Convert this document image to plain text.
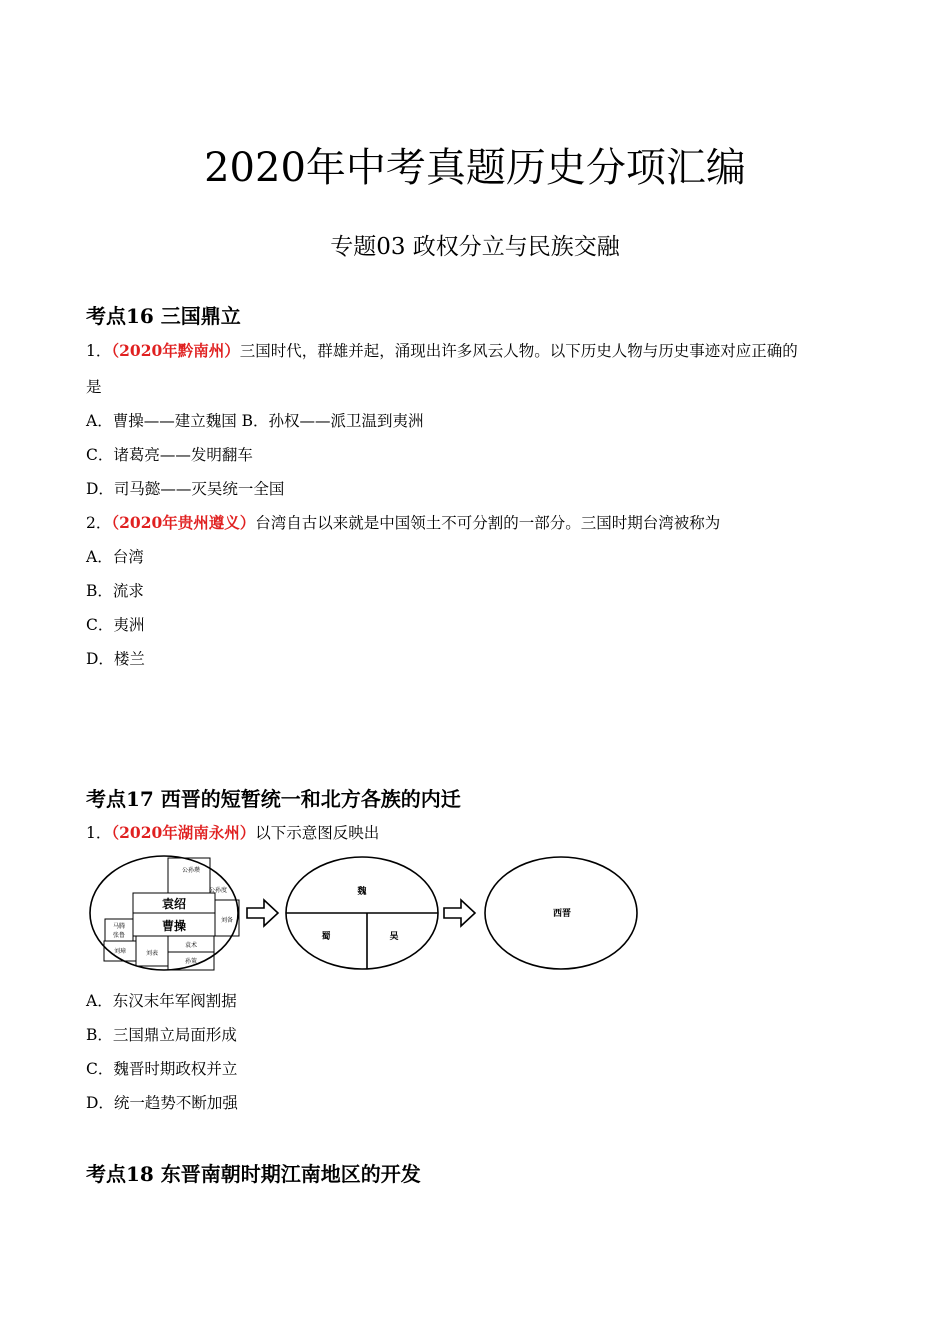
2020年中考真题历史分项汇编
专题03 政权分立与民族交融
考点16 三国鼎立
1．（2020年黔南州）三国时代，群雄并起，涌现出许多风云人物。以下历史人物与历史事迹对应正确的
是
A．曹操——建立魏国 B．孙权——派卫温到夷洲
C．诸葛亮——发明翻车
D．司马懿——灭吴统一全国
2．（2020年贵州遵义）台湾自古以来就是中国领土不可分割的一部分。三国时期台湾被称为
A．台湾
B．流求
C．夷洲
D．楼兰
考点17 西晋的短暂统一和北方各族的内迁
1．（2020年湖南永州）以下示意图反映出
公孙瓒
公孙度
袁绍
曹操
马腾
张鲁
刘备
刘璋	刘表
袁术
孙策
魏
蜀	吴
西晋
A．东汉末年军阀割据
B．三国鼎立局面形成
C．魏晋时期政权并立
D．统一趋势不断加强
考点18 东晋南朝时期江南地区的开发
